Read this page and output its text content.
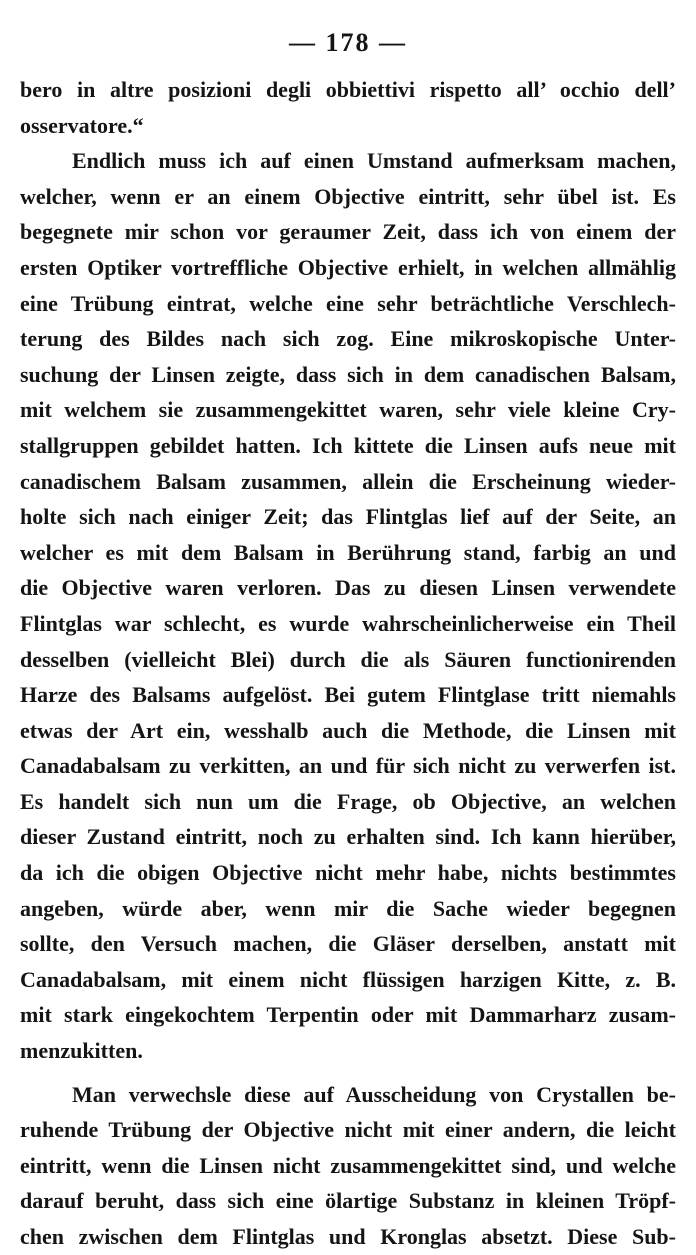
— 178 —
bero in altre posizioni degli obbiettivi rispetto all’ occhio dell’
osservatore.“
Endlich muss ich auf einen Umstand aufmerksam machen,
welcher, wenn er an einem Objective eintritt, sehr übel ist. Es
begegnete mir schon vor geraumer Zeit, dass ich von einem der
ersten Optiker vortreffliche Objective erhielt, in welchen allmählig
eine Trübung eintrat, welche eine sehr beträchtliche Verschlech-
terung des Bildes nach sich zog. Eine mikroskopische Unter-
suchung der Linsen zeigte, dass sich in dem canadischen Balsam,
mit welchem sie zusammengekittet waren, sehr viele kleine Cry-
stallgruppen gebildet hatten. Ich kittete die Linsen aufs neue mit
canadischem Balsam zusammen, allein die Erscheinung wieder-
holte sich nach einiger Zeit; das Flintglas lief auf der Seite, an
welcher es mit dem Balsam in Berührung stand, farbig an und
die Objective waren verloren. Das zu diesen Linsen verwendete
Flintglas war schlecht, es wurde wahrscheinlicherweise ein Theil
desselben (vielleicht Blei) durch die als Säuren functionirenden
Harze des Balsams aufgelöst. Bei gutem Flintglase tritt niemahls
etwas der Art ein, wesshalb auch die Methode, die Linsen mit
Canadabalsam zu verkitten, an und für sich nicht zu verwerfen ist.
Es handelt sich nun um die Frage, ob Objective, an welchen
dieser Zustand eintritt, noch zu erhalten sind. Ich kann hierüber,
da ich die obigen Objective nicht mehr habe, nichts bestimmtes
angeben, würde aber, wenn mir die Sache wieder begegnen
sollte, den Versuch machen, die Gläser derselben, anstatt mit
Canadabalsam, mit einem nicht flüssigen harzigen Kitte, z. B.
mit stark eingekochtem Terpentin oder mit Dammarharz zusam-
menzukitten.
Man verwechsle diese auf Ausscheidung von Crystallen be-
ruhende Trübung der Objective nicht mit einer andern, die leicht
eintritt, wenn die Linsen nicht zusammengekittet sind, und welche
darauf beruht, dass sich eine ölartige Substanz in kleinen Tröpf-
chen zwischen dem Flintglas und Kronglas absetzt. Diese Sub-
